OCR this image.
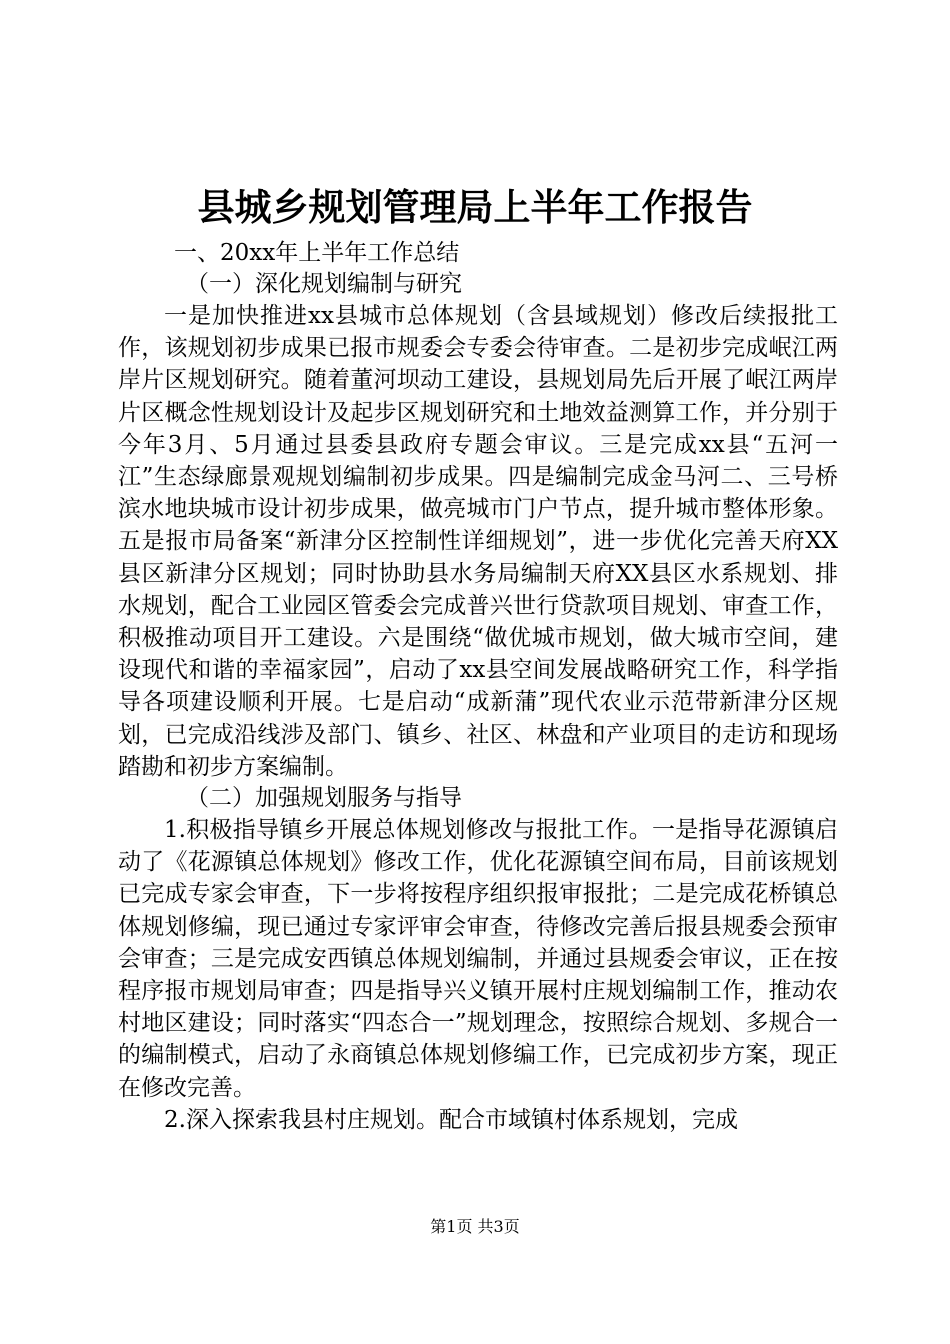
县城乡规划管理局上半年工作报告
一、20xx年上半年工作总结
（一）深化规划编制与研究

一是加快推进xx县城市总体规划（含县域规划）修改后续报批工作，该规划初步成果已报市规委会专委会待审查。二是初步完成岷江两岸片区规划研究。随着董河坝动工建设，县规划局先后开展了岷江两岸片区概念性规划设计及起步区规划研究和土地效益测算工作，并分别于今年3月、5月通过县委县政府专题会审议。三是完成xx县“五河一江”生态绿廊景观规划编制初步成果。四是编制完成金马河二、三号桥滨水地块城市设计初步成果，做亮城市门户节点，提升城市整体形象。五是报市局备案“新津分区控制性详细规划”，进一步优化完善天府XX县区新津分区规划；同时协助县水务局编制天府XX县区水系规划、排水规划，配合工业园区管委会完成普兴世行贷款项目规划、审查工作，积极推动项目开工建设。六是围绕“做优城市规划，做大城市空间，建设现代和谐的幸福家园”，启动了xx县空间发展战略研究工作，科学指导各项建设顺利开展。七是启动“成新蒲”现代农业示范带新津分区规划，已完成沿线涉及部门、镇乡、社区、林盘和产业项目的走访和现场踏勘和初步方案编制。

（二）加强规划服务与指导

1.积极指导镇乡开展总体规划修改与报批工作。一是指导花源镇启动了《花源镇总体规划》修改工作，优化花源镇空间布局，目前该规划已完成专家会审查，下一步将按程序组织报审报批；二是完成花桥镇总体规划修编，现已通过专家评审会审查，待修改完善后报县规委会预审会审查；三是完成安西镇总体规划编制，并通过县规委会审议，正在按程序报市规划局审查；四是指导兴义镇开展村庄规划编制工作，推动农村地区建设；同时落实“四态合一”规划理念，按照综合规划、多规合一的编制模式，启动了永商镇总体规划修编工作，已完成初步方案，现正在修改完善。

2.深入探索我县村庄规划。配合市域镇村体系规划，完成

第1页 共3页
